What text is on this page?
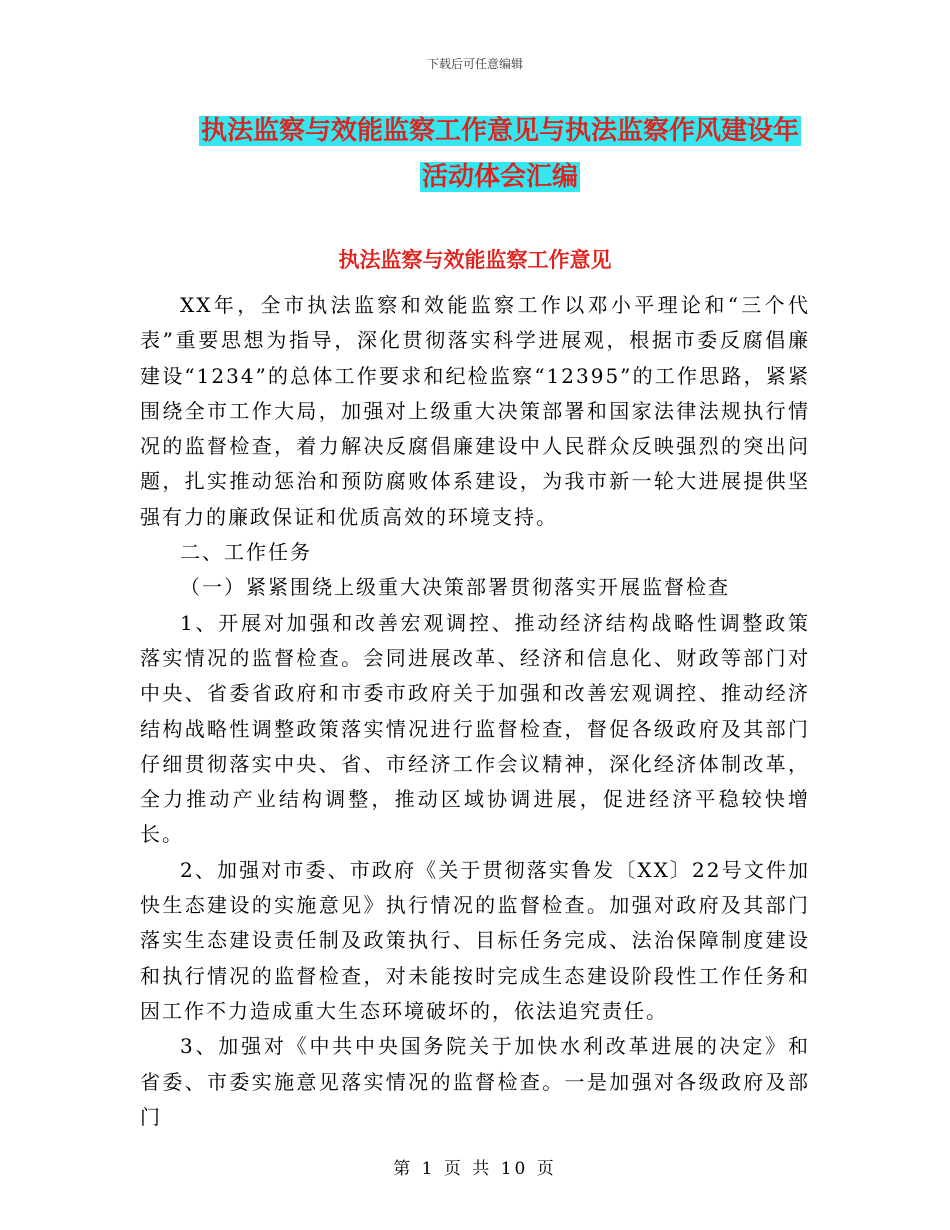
下载后可任意编辑
执法监察与效能监察工作意见与执法监察作风建设年
活动体会汇编
执法监察与效能监察工作意见

XX年，全市执法监察和效能监察工作以邓小平理论和“三个代表”重要思想为指导，深化贯彻落实科学进展观，根据市委反腐倡廉建设“1234”的总体工作要求和纪检监察“12395”的工作思路，紧紧围绕全市工作大局，加强对上级重大决策部署和国家法律法规执行情况的监督检查，着力解决反腐倡廉建设中人民群众反映强烈的突出问题，扎实推动惩治和预防腐败体系建设，为我市新一轮大进展提供坚强有力的廉政保证和优质高效的环境支持。

二、工作任务

（一）紧紧围绕上级重大决策部署贯彻落实开展监督检查

1、开展对加强和改善宏观调控、推动经济结构战略性调整政策落实情况的监督检查。会同进展改革、经济和信息化、财政等部门对中央、省委省政府和市委市政府关于加强和改善宏观调控、推动经济结构战略性调整政策落实情况进行监督检查，督促各级政府及其部门仔细贯彻落实中央、省、市经济工作会议精神，深化经济体制改革，全力推动产业结构调整，推动区域协调进展，促进经济平稳较快增长。

2、加强对市委、市政府《关于贯彻落实鲁发〔XX〕22号文件加快生态建设的实施意见》执行情况的监督检查。加强对政府及其部门落实生态建设责任制及政策执行、目标任务完成、法治保障制度建设和执行情况的监督检查，对未能按时完成生态建设阶段性工作任务和因工作不力造成重大生态环境破坏的，依法追究责任。

3、加强对《中共中央国务院关于加快水利改革进展的决定》和省委、市委实施意见落实情况的监督检查。一是加强对各级政府及部门

第 1 页 共 10 页
